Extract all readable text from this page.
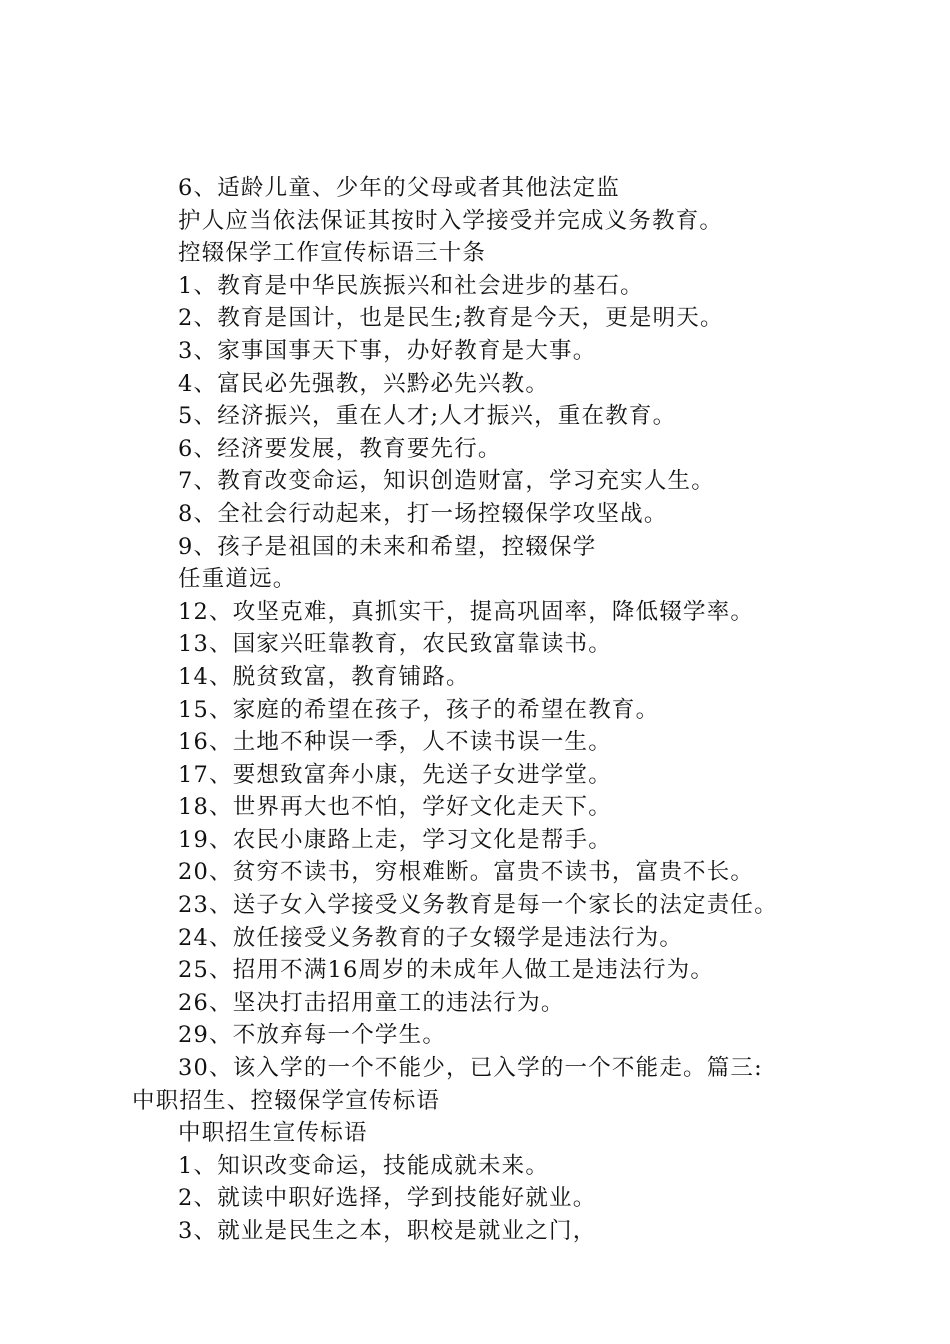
6、适龄儿童、少年的父母或者其他法定监
护人应当依法保证其按时入学接受并完成义务教育。
控辍保学工作宣传标语三十条
1、教育是中华民族振兴和社会进步的基石。
2、教育是国计，也是民生;教育是今天，更是明天。
3、家事国事天下事，办好教育是大事。
4、富民必先强教，兴黔必先兴教。
5、经济振兴，重在人才;人才振兴，重在教育。
6、经济要发展，教育要先行。
7、教育改变命运，知识创造财富，学习充实人生。
8、全社会行动起来，打一场控辍保学攻坚战。
9、孩子是祖国的未来和希望，控辍保学
任重道远。
12、攻坚克难，真抓实干，提高巩固率，降低辍学率。
13、国家兴旺靠教育，农民致富靠读书。
14、脱贫致富，教育铺路。
15、家庭的希望在孩子，孩子的希望在教育。
16、土地不种误一季，人不读书误一生。
17、要想致富奔小康，先送子女进学堂。
18、世界再大也不怕，学好文化走天下。
19、农民小康路上走，学习文化是帮手。
20、贫穷不读书，穷根难断。富贵不读书，富贵不长。
23、送子女入学接受义务教育是每一个家长的法定责任。
24、放任接受义务教育的子女辍学是违法行为。
25、招用不满16周岁的未成年人做工是违法行为。
26、坚决打击招用童工的违法行为。
29、不放弃每一个学生。
30、该入学的一个不能少，已入学的一个不能走。篇三:
中职招生、控辍保学宣传标语
中职招生宣传标语
1、知识改变命运，技能成就未来。
2、就读中职好选择，学到技能好就业。
3、就业是民生之本，职校是就业之门，
